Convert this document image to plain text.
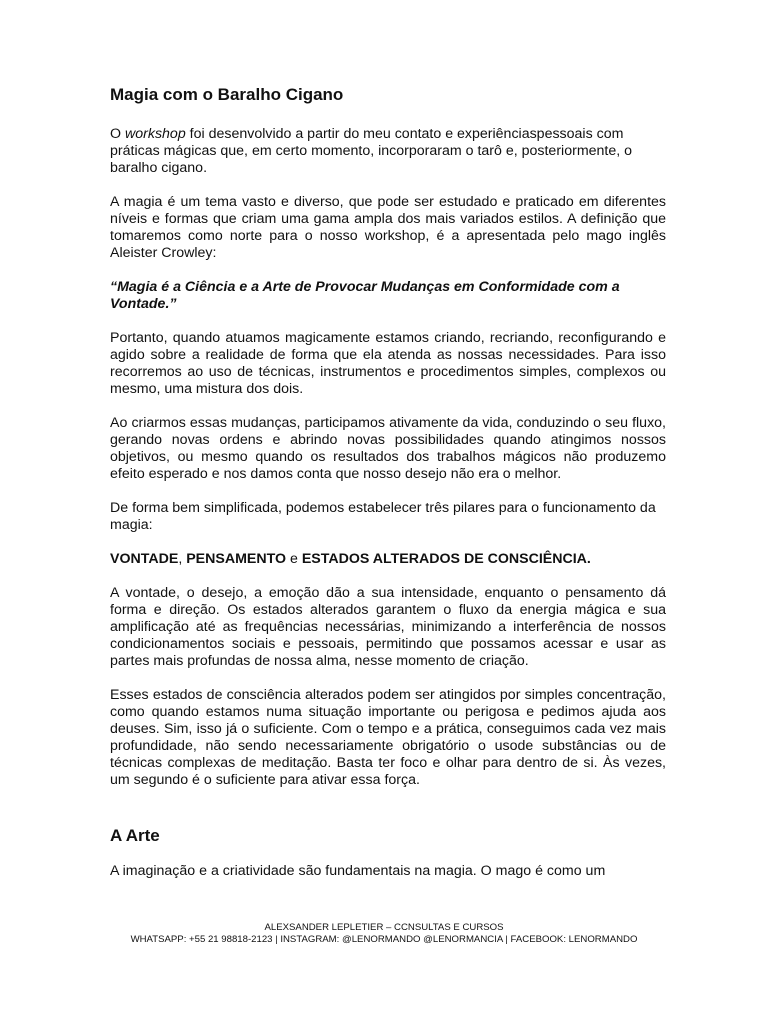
Magia com o Baralho Cigano

O workshop foi desenvolvido a partir do meu contato e experiênciaspessoais com práticas mágicas que, em certo momento, incorporaram o tarô e, posteriormente, o baralho cigano.

A magia é um tema vasto e diverso, que pode ser estudado e praticado em diferentes níveis e formas que criam uma gama ampla dos mais variados estilos. A definição que tomaremos como norte para o nosso workshop, é a apresentada pelo mago inglês Aleister Crowley:

“Magia é a Ciência e a Arte de Provocar Mudanças em Conformidade com a Vontade.”

Portanto, quando atuamos magicamente estamos criando, recriando, reconfigurando e agido sobre a realidade de forma que ela atenda as nossas necessidades. Para isso recorremos ao uso de técnicas, instrumentos e procedimentos simples, complexos ou mesmo, uma mistura dos dois.

Ao criarmos essas mudanças, participamos ativamente da vida, conduzindo o seu fluxo, gerando novas ordens e abrindo novas possibilidades quando atingimos nossos objetivos, ou mesmo quando os resultados dos trabalhos mágicos não produzemo efeito esperado e nos damos conta que nosso desejo não era o melhor.

De forma bem simplificada, podemos estabelecer três pilares para o funcionamento da magia:

VONTADE, PENSAMENTO e ESTADOS ALTERADOS DE CONSCIÊNCIA.

A vontade, o desejo, a emoção dão a sua intensidade, enquanto o pensamento dá forma e direção. Os estados alterados garantem o fluxo da energia mágica e sua amplificação até as frequências necessárias, minimizando a interferência de nossos condicionamentos sociais e pessoais, permitindo que possamos acessar e usar as partes mais profundas de nossa alma, nesse momento de criação.

Esses estados de consciência alterados podem ser atingidos por simples concentração, como quando estamos numa situação importante ou perigosa e pedimos ajuda aos deuses. Sim, isso já o suficiente. Com o tempo e a prática, conseguimos cada vez mais profundidade, não sendo necessariamente obrigatório o usode substâncias ou de técnicas complexas de meditação. Basta ter foco e olhar para dentro de si. Às vezes, um segundo é o suficiente para ativar essa força.

A Arte

A imaginação e a criatividade são fundamentais na magia. O mago é como um

ALEXSANDER LEPLETIER – CCNSULTAS E CURSOS
WHATSAPP: +55 21 98818-2123 | INSTAGRAM: @LENORMANDO @LENORMANCIA | FACEBOOK: LENORMANDO
